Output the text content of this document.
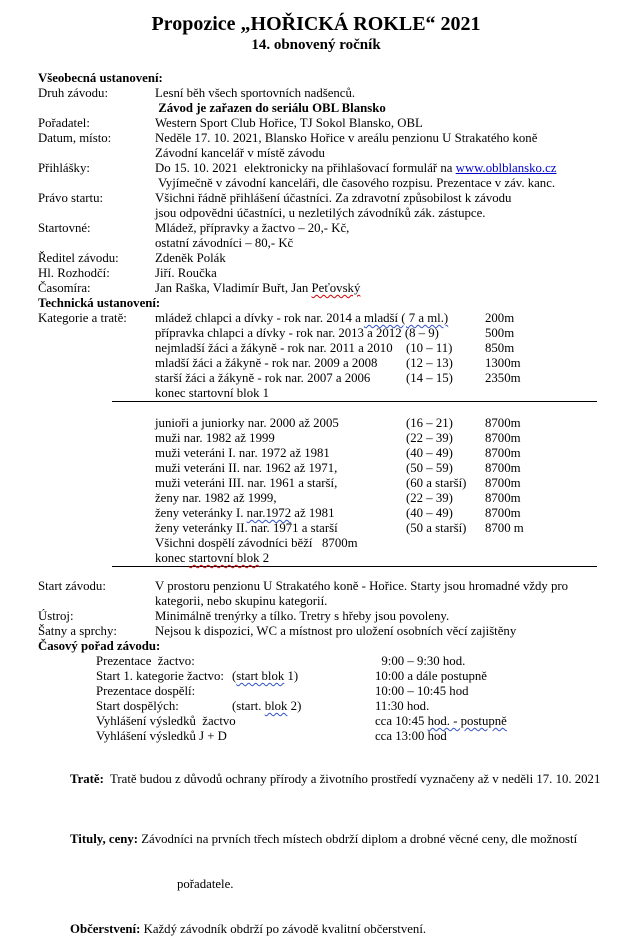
Propozice „HOŘICKÁ ROKLE“ 2021
14. obnovený ročník
Všeobecná ustanovení:
Druh závodu:	Lesní běh všech sportovních nadšenců.
Závod je zařazen do seriálu OBL Blansko
Pořadatel:	Western Sport Club Hořice, TJ Sokol Blansko, OBL
Datum, místo:	Neděle 17. 10. 2021, Blansko Hořice v areálu penzionu U Strakatého koně
Závodní kancelář v místě závodu
Přihlášky:	Do 15. 10. 2021  elektronicky na přihlašovací formulář na www.oblblansko.cz
Vyjímečně v závodní kanceláři, dle časového rozpisu. Prezentace v záv. kanc.
Právo startu:	Všichni řádně přihlášení účastníci. Za zdravotní způsobilost k závodu
jsou odpovědni účastníci, u nezletilých závodníků zák. zástupce.
Startovné:	Mládež, přípravky a žactvo – 20,- Kč,
ostatní závodníci – 80,- Kč
Ředitel závodu:	Zdeněk Polák
Hl. Rozhodčí:	Jiří. Roučka
Časomíra:	Jan Raška, Vladimír Buřt, Jan Peťovský
Technická ustanovení:
Kategorie a tratě:	mládež chlapci a dívky - rok nar. 2014 a mladší ( 7 a ml.)	200m
přípravka chlapci a dívky - rok nar. 2013 a 2012 (8 – 9)	500m
nejmladší žáci a žákyně - rok nar. 2011 a 2010	(10 – 11)	850m
mladší žáci a žákyně - rok nar. 2009 a 2008	(12 – 13)	1300m
starší žáci a žákyně - rok nar. 2007 a 2006	(14 – 15)	2350m
konec startovní blok 1
junioři a juniorky nar. 2000 až 2005	(16 – 21)	8700m
muži nar. 1982 až 1999	(22 – 39)	8700m
muži veteráni I. nar. 1972 až 1981	(40 – 49)	8700m
muži veteráni II. nar. 1962 až 1971,	(50 – 59)	8700m
muži veteráni III. nar. 1961 a starší,	(60 a starší)	8700m
ženy nar. 1982 až 1999,	(22 – 39)	8700m
ženy veteránky I. nar.1972 až 1981	(40 – 49)	8700m
ženy veteránky II. nar. 1971 a starší	(50 a starší)	8700 m
Všichni dospělí závodníci běží   8700m
konec startovní blok 2
Start závodu:	V prostoru penzionu U Strakatého koně - Hořice. Starty jsou hromadné vždy pro
kategorii, nebo skupinu kategorií.
Ústroj:	Minimálně trenýrky a tílko. Tretry s hřeby jsou povoleny.
Šatny a sprchy:	Nejsou k dispozici, WC a místnost pro uložení osobních věcí zajištěny
Časový pořad závodu:
Prezentace  žactvo:	9:00 – 9:30 hod.
Start 1. kategorie žactvo: (start blok 1)	10:00 a dále postupně
Prezentace dospělí:	10:00 – 10:45 hod
Start dospělých:	(start. blok 2)	11:30 hod.
Vyhlášení výsledků  žactvo	cca 10:45 hod. - postupně
Vyhlášení výsledků J + D	cca 13:00 hod

Tratě:  Tratě budou z důvodů ochrany přírody a životního prostředí vyznačeny až v neděli 17. 10. 2021

Tituly, ceny: Závodníci na prvních třech místech obdrží diplom a drobné věcné ceny, dle možností

pořadatele.

Občerstvení: Každý závodník obdrží po závodě kvalitní občerstvení.
